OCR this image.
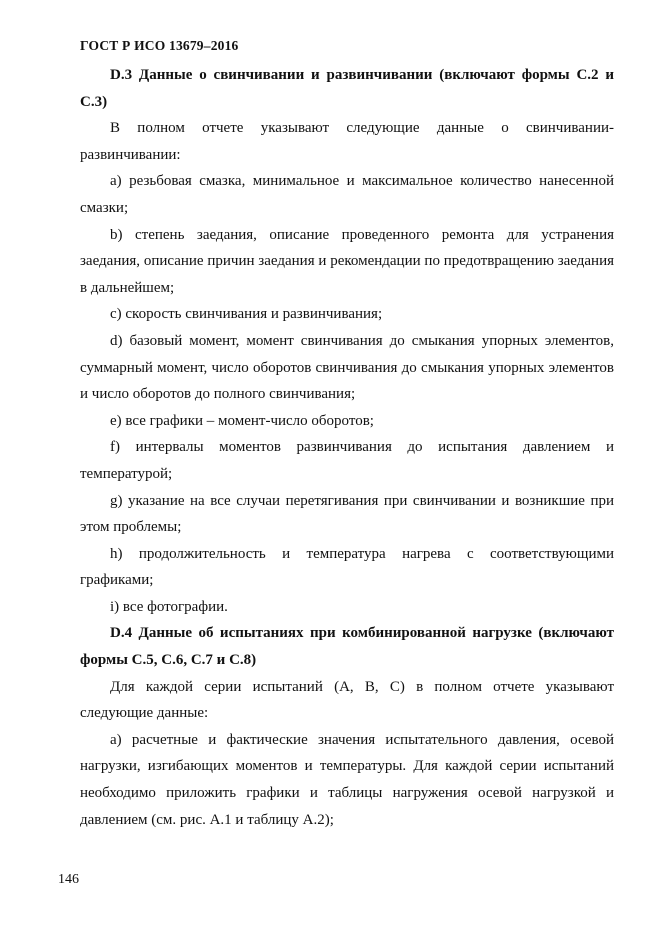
ГОСТ Р ИСО 13679–2016

D.3 Данные о свинчивании и развинчивании (включают формы C.2 и C.3)

В полном отчете указывают следующие данные о свинчивании-развинчивании:

a) резьбовая смазка, минимальное и максимальное количество нанесенной смазки;

b) степень заедания, описание проведенного ремонта для устранения заедания, описание причин заедания и рекомендации по предотвращению заедания в дальнейшем;

c) скорость свинчивания и развинчивания;

d) базовый момент, момент свинчивания до смыкания упорных элементов, суммарный момент, число оборотов свинчивания до смыкания упорных элементов и число оборотов до полного свинчивания;

e) все графики – момент-число оборотов;

f) интервалы моментов развинчивания до испытания давлением и температурой;

g) указание на все случаи перетягивания при свинчивании и возникшие при этом проблемы;

h) продолжительность и температура нагрева с соответствующими графиками;

i) все фотографии.

D.4 Данные об испытаниях при комбинированной нагрузке (включают формы C.5, C.6, C.7 и C.8)

Для каждой серии испытаний (A, B, C) в полном отчете указывают следующие данные:

a) расчетные и фактические значения испытательного давления, осевой нагрузки, изгибающих моментов и температуры. Для каждой серии испытаний необходимо приложить графики и таблицы нагружения осевой нагрузкой и давлением (см. рис. A.1 и таблицу A.2);

146
